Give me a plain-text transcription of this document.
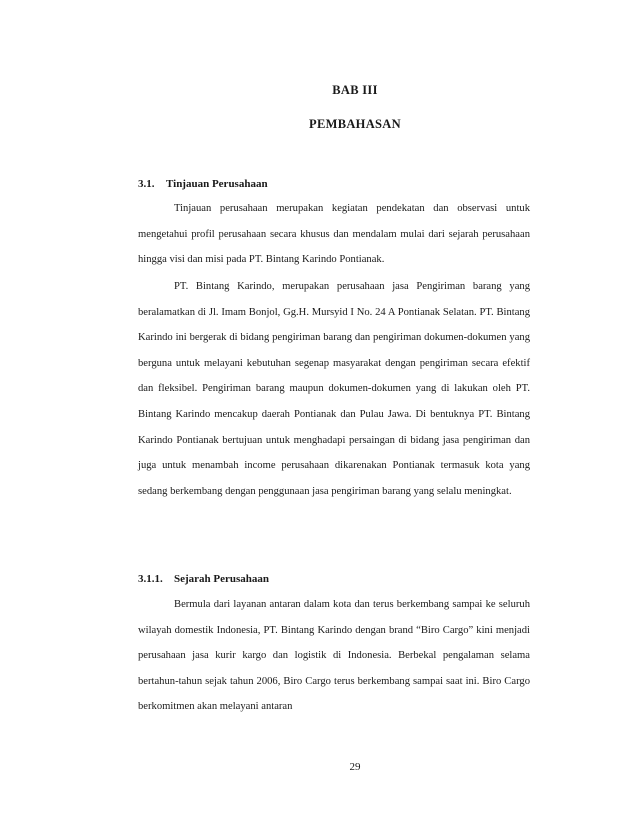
BAB III
PEMBAHASAN
3.1. Tinjauan Perusahaan

Tinjauan perusahaan merupakan kegiatan pendekatan dan observasi untuk mengetahui profil perusahaan secara khusus dan mendalam mulai dari sejarah perusahaan hingga visi dan misi pada PT. Bintang Karindo Pontianak.

PT. Bintang Karindo, merupakan perusahaan jasa Pengiriman barang yang beralamatkan di Jl. Imam Bonjol, Gg.H. Mursyid I No. 24 A Pontianak Selatan. PT. Bintang Karindo ini bergerak di bidang pengiriman barang dan pengiriman dokumen-dokumen yang berguna untuk melayani kebutuhan segenap masyarakat dengan pengiriman secara efektif dan fleksibel. Pengiriman barang maupun dokumen-dokumen yang di lakukan oleh PT. Bintang Karindo mencakup daerah Pontianak dan Pulau Jawa. Di bentuknya PT. Bintang Karindo Pontianak bertujuan untuk menghadapi persaingan di bidang jasa pengiriman dan juga untuk menambah income perusahaan dikarenakan Pontianak termasuk kota yang sedang berkembang dengan penggunaan jasa pengiriman barang yang selalu meningkat.

3.1.1. Sejarah Perusahaan

Bermula dari layanan antaran dalam kota dan terus berkembang sampai ke seluruh wilayah domestik Indonesia, PT. Bintang Karindo dengan brand “Biro Cargo” kini menjadi perusahaan jasa kurir kargo dan logistik di Indonesia. Berbekal pengalaman selama bertahun-tahun sejak tahun 2006, Biro Cargo terus berkembang sampai saat ini. Biro Cargo berkomitmen akan melayani antaran

29
